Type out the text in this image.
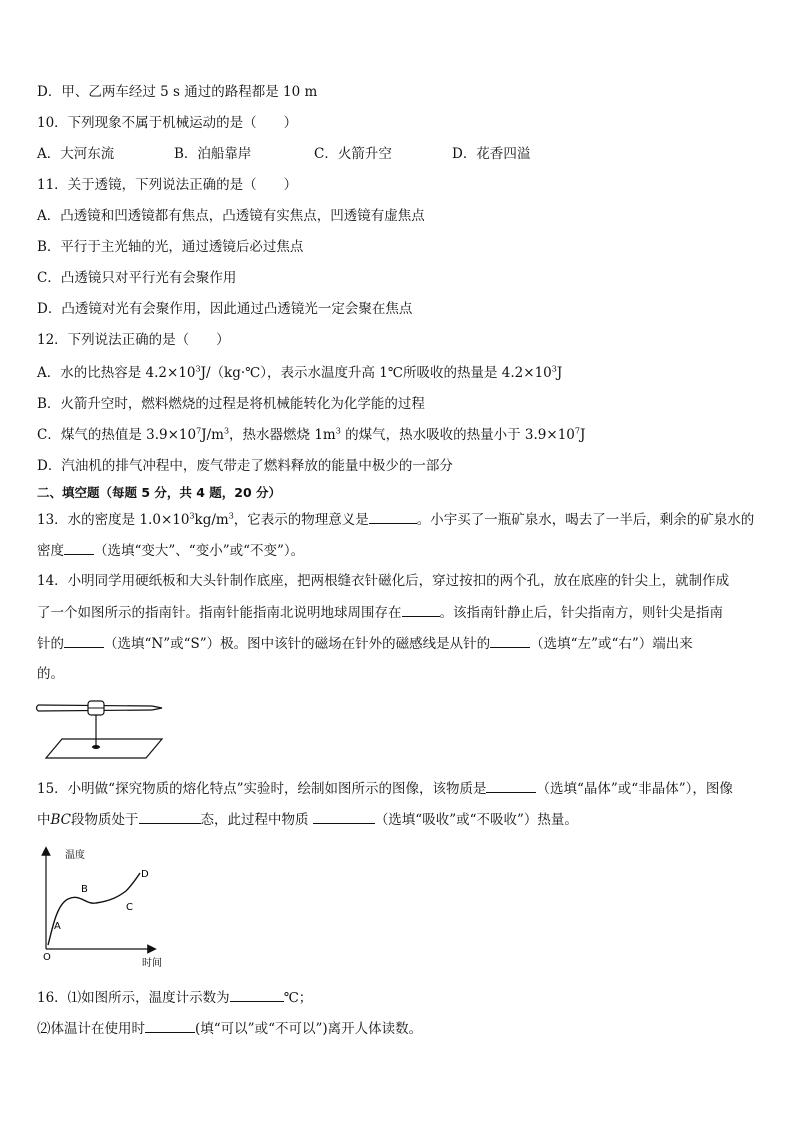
D．甲、乙两车经过 5 s 通过的路程都是 10 m
10．下列现象不属于机械运动的是（　　）
A．大河东流	B．泊船靠岸	C．火箭升空	D．花香四溢
11．关于透镜，下列说法正确的是（　　）
A．凸透镜和凹透镜都有焦点，凸透镜有实焦点，凹透镜有虚焦点
B．平行于主光轴的光，通过透镜后必过焦点
C．凸透镜只对平行光有会聚作用
D．凸透镜对光有会聚作用，因此通过凸透镜光一定会聚在焦点
12．下列说法正确的是（　　）
A．水的比热容是 $4.2\times 10^3J/(kg\cdot℃)$，表示水温度升高 1℃所吸收的热量是 $4.2\times 10^3J$
B．火箭升空时，燃料燃烧的过程是将机械能转化为化学能的过程
C．煤气的热值是 $3.9\times 10^7J/m^3$，热水器燃烧 $1m^3$ 的煤气，热水吸收的热量小于 $3.9\times 10^7J$
D．汽油机的排气冲程中，废气带走了燃料释放的能量中极少的一部分
二、填空题（每题 5 分，共 4 题，20 分）
13．水的密度是 $1.0\times 10^3kg/m^3$，它表示的物理意义是	。小宇买了一瓶矿泉水，喝去了一半后，剩余的矿泉水的
密度 （选填“变大”、“变小”或“不变”）。
14．小明同学用硬纸板和大头针制作底座，把两根缝衣针磁化后，穿过按扣的两个孔，放在底座的针尖上，就制作成
了一个如图所示的指南针。指南针能指南北说明地球周围存在	。该指南针静止后，针尖指南方，则针尖是指南
针的	（选填“N”或“S”）极。图中该针的磁场在针外的磁感线是从针的	（选填“左”或“右”）端出来
的。
15．小明做“探究物质的熔化特点”实验时，绘制如图所示的图像，该物质是	（选填“晶体”或“非晶体”），图像
中BC段物质处于	态，此过程中物质	（选填“吸收”或“不吸收”）热量。
温度
时间
O
A
B
C
D
16．⑴如图所示，温度计示数为	℃；
⑵体温计在使用时	(填“可以”或“不可以”)离开人体读数。
